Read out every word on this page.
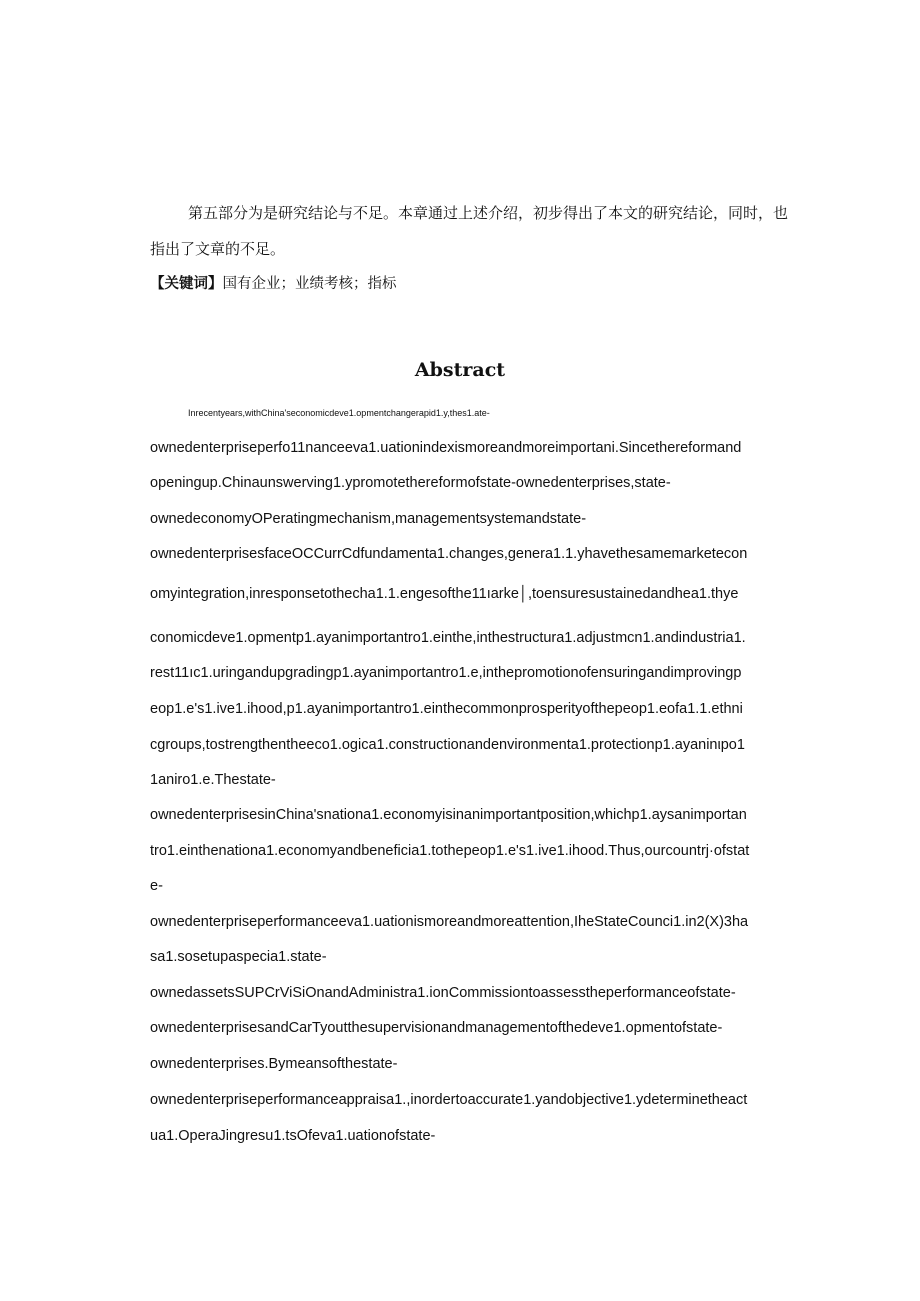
第五部分为是研究结论与不足。本章通过上述介绍，初步得出了本文的研究结论，同时，也

指出了文章的不足。

【关键词】国有企业；业绩考核；指标

Abstract

Inrecentyears,withChina'seconomicdeve1.opmentchangerapid1.y,thes1.ate-

ownedenterpriseperfo11nanceeva1.uationindexismoreandmoreimportani.Sincethereformand

openingup.Chinaunswerving1.ypromotethereformofstate-ownedenterprises,state-

ownedeconomyOPeratingmechanism,managementsystemandstate-

ownedenterprisesfaceOCCurrCdfundamenta1.changes,genera1.1.yhavethesamemarketecon

omyintegration,inresponsetothecha1.1.engesofthe11ıarke│,toensuresustainedandhea1.thye

conomicdeve1.opmentp1.ayanimportantro1.einthe,inthestructura1.adjustmcn1.andindustria1.

rest11ıc1.uringandupgradingp1.ayanimportantro1.e,inthepromotionofensuringandimprovingp

eop1.e's1.ive1.ihood,p1.ayanimportantro1.einthecommonprosperityofthepeop1.eofa1.1.ethni

cgroups,tostrengthentheeco1.ogica1.constructionandenvironmenta1.protectionp1.ayaninιpo1

1aniro1.e.Thestate-

ownedenterprisesinChina'snationa1.economyisinanimportantposition,whichp1.aysanimportan

tro1.einthenationa1.economyandbeneficia1.tothepeop1.e's1.ive1.ihood.Thus,ourcountrj·ofstat

e-

ownedenterpriseperformanceeva1.uationismoreandmoreattention,IheStateCounci1.in2(X)3ha

sa1.sosetupaspecia1.state-

ownedassetsSUPCrViSiOnandAdministra1.ionCommissiontoassesstheperformanceofstate-

ownedenterprisesandCarTyoutthesupervisionandmanagementofthedeve1.opmentofstate-

ownedenterprises.Bymeansofthestate-

ownedenterpriseperformanceappraisa1.,inordertoaccurate1.yandobjective1.ydeterminetheact

ua1.OperaJingresu1.tsOfeva1.uationofstate-
